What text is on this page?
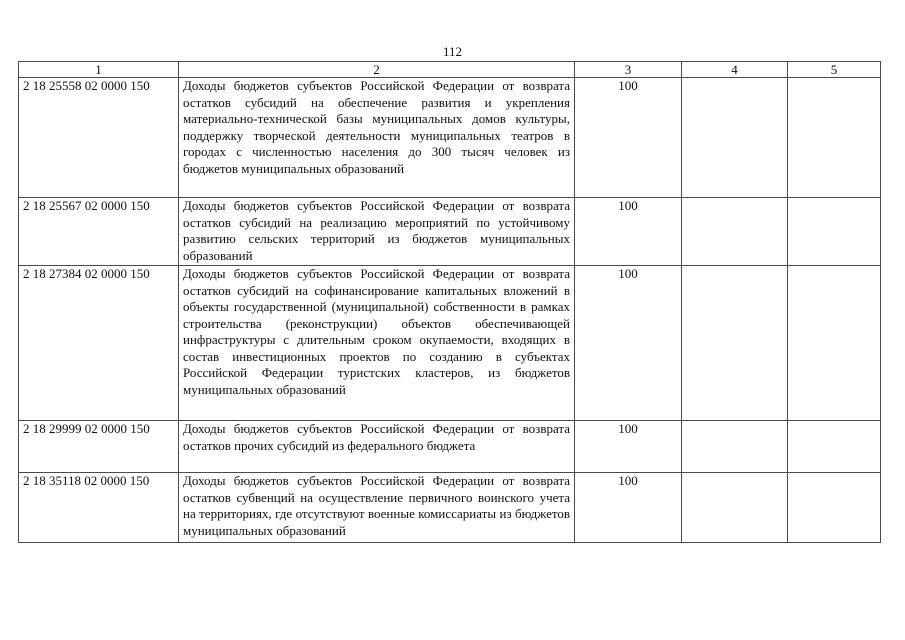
112
1	2	3	4	5
2 18 25558 02 0000 150	Доходы бюджетов субъектов Российской Федерации от возврата остатков субсидий на обеспечение развития и укрепления материально-технической базы муниципальных домов культуры, поддержку творческой деятельности муниципальных театров в городах с численностью населения до 300 тысяч человек из бюджетов муниципальных образований	100		
2 18 25567 02 0000 150	Доходы бюджетов субъектов Российской Федерации от возврата остатков субсидий на реализацию мероприятий по устойчивому развитию сельских территорий из бюджетов муниципальных образований	100		
2 18 27384 02 0000 150	Доходы бюджетов субъектов Российской Федерации от возврата остатков субсидий на софинансирование капитальных вложений в объекты государственной (муниципальной) собственности в рамках строительства (реконструкции) объектов обеспечивающей инфраструктуры с длительным сроком окупаемости, входящих в состав инвестиционных проектов по созданию в субъектах Российской Федерации туристских кластеров, из бюджетов муниципальных образований	100		
2 18 29999 02 0000 150	Доходы бюджетов субъектов Российской Федерации от возврата остатков прочих субсидий из федерального бюджета	100		
2 18 35118 02 0000 150	Доходы бюджетов субъектов Российской Федерации от возврата остатков субвенций на осуществление первичного воинского учета на территориях, где отсутствуют военные комиссариаты из бюджетов муниципальных образований	100		
